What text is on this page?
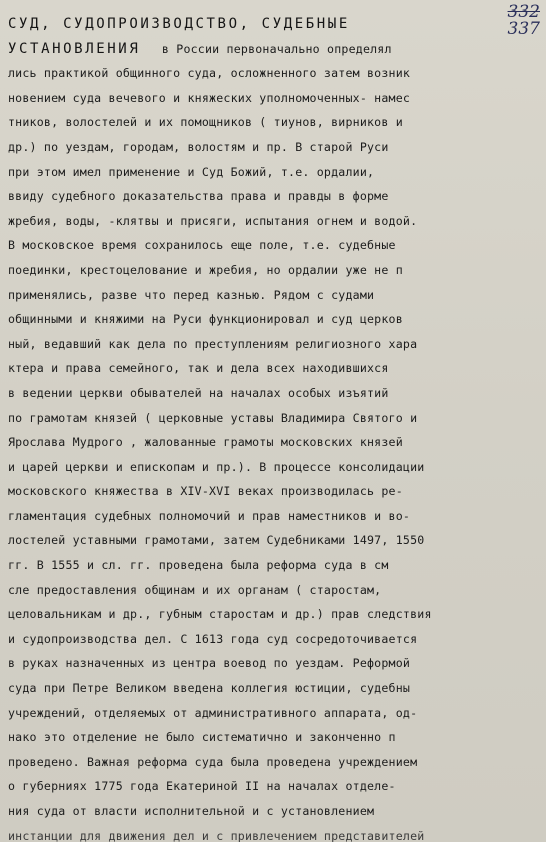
332
337
СУД, СУДОПРОИЗВОДСТВО, СУДЕБНЫЕ
УСТАНОВЛЕНИЯ в России первоначально определял
лись практикой общинного суда, осложненного затем возник
новением суда вечевого и княжеских уполномоченных- намес
тников, волостелей и их помощников ( тиунов, вирников и
др.) по уездам, городам, волостям и пр. В старой Руси
при этом имел применение и Суд Божий, т.е. ордалии,
ввиду судебного доказательства права и правды в форме
жребия, воды, -клятвы и присяги, испытания огнем и водой.
В московское время сохранилось еще поле, т.е. судебные
поединки, крестоцелование и жребия, но ордалии уже не п
применялись, разве что перед казнью. Рядом с судами
общинными и княжими на Руси функционировал и суд церков
ный, ведавший как дела по преступлениям религиозного хара
ктера и права семейного, так и дела всех находившихся
в ведении церкви обывателей на началах особых изъятий
по грамотам князей ( церковные уставы Владимира Святого и
Ярослава Мудрого , жалованные грамоты московских князей
и царей церкви и епископам и пр.). В процессе консолидации
московского княжества в XIV-XVI веках производилась ре-
гламентация судебных полномочий и прав наместников и во-
лостелей уставными грамотами, затем Судебниками 1497, 1550
гг. В 1555 и сл. гг. проведена была реформа суда в см
сле предоставления общинам и их органам ( старостам,
целовальникам и др., губным старостам и др.) прав следствия
и судопроизводства дел. С 1613 года суд сосредоточивается
в руках назначенных из центра воевод по уездам. Реформой
суда при Петре Великом введена коллегия юстиции, судебны
учреждений, отделяемых от административного аппарата, од-
нако это отделение не было систематично и законченно п
проведено. Важная реформа суда была проведена учреждением
о губерниях 1775 года Екатериной II на началах отделе-
ния суда от власти исполнительной и с установлением
инстанции для движения дел и с привлечением представителей
